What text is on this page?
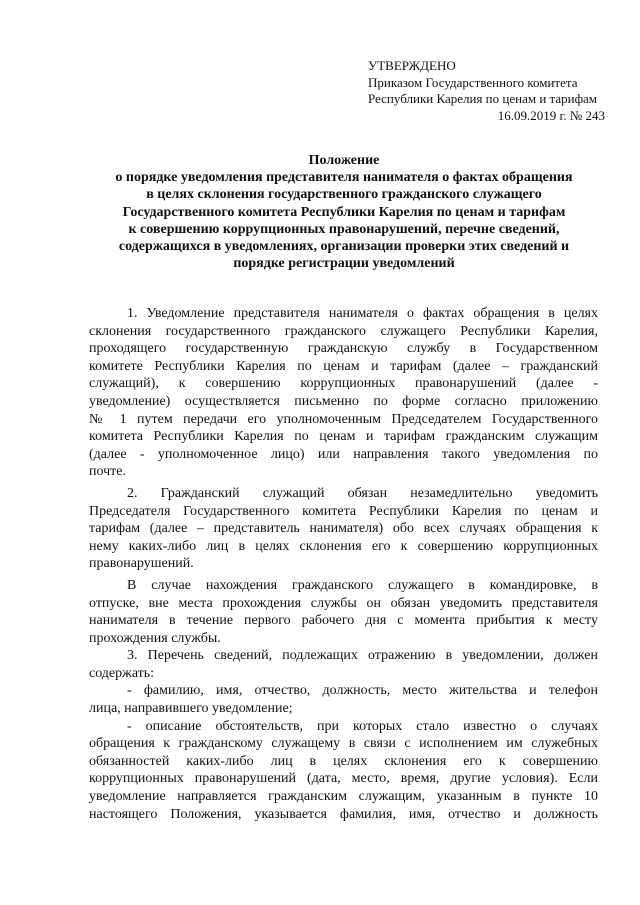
УТВЕРЖДЕНО
Приказом Государственного комитета
Республики Карелия по ценам и тарифам
16.09.2019 г. № 243
Положение
о порядке уведомления представителя нанимателя о фактах обращения
в целях склонения государственного гражданского служащего
Государственного комитета Республики Карелия по ценам и тарифам
к совершению коррупционных правонарушений, перечне сведений,
содержащихся в уведомлениях, организации проверки этих сведений и
порядке регистрации уведомлений
1. Уведомление представителя нанимателя о фактах обращения в целях
склонения государственного гражданского служащего Республики Карелия,
проходящего государственную гражданскую службу в Государственном
комитете Республики Карелия по ценам и тарифам (далее – гражданский
служащий), к совершению коррупционных правонарушений (далее -
уведомление) осуществляется письменно по форме согласно приложению
№ 1 путем передачи его уполномоченным Председателем Государственного
комитета Республики Карелия по ценам и тарифам гражданским служащим
(далее - уполномоченное лицо) или направления такого уведомления по
почте.
2. Гражданский служащий обязан незамедлительно уведомить
Председателя Государственного комитета Республики Карелия по ценам и
тарифам (далее – представитель нанимателя) обо всех случаях обращения к
нему каких-либо лиц в целях склонения его к совершению коррупционных
правонарушений.
В случае нахождения гражданского служащего в командировке, в
отпуске, вне места прохождения службы он обязан уведомить представителя
нанимателя в течение первого рабочего дня с момента прибытия к месту
прохождения службы.
3. Перечень сведений, подлежащих отражению в уведомлении, должен
содержать:
- фамилию, имя, отчество, должность, место жительства и телефон
лица, направившего уведомление;
- описание обстоятельств, при которых стало известно о случаях
обращения к гражданскому служащему в связи с исполнением им служебных
обязанностей каких-либо лиц в целях склонения его к совершению
коррупционных правонарушений (дата, место, время, другие условия). Если
уведомление направляется гражданским служащим, указанным в пункте 10
настоящего Положения, указывается фамилия, имя, отчество и должность
